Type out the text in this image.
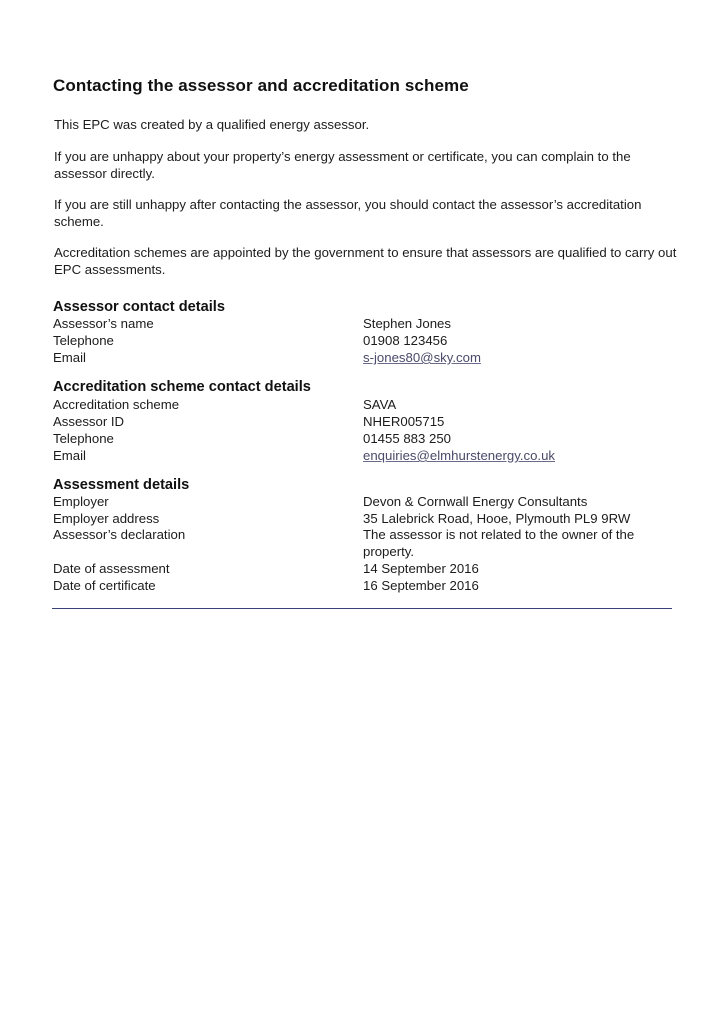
Contacting the assessor and accreditation scheme

This EPC was created by a qualified energy assessor.

If you are unhappy about your property’s energy assessment or certificate, you can complain to the assessor directly.

If you are still unhappy after contacting the assessor, you should contact the assessor’s accreditation scheme.

Accreditation schemes are appointed by the government to ensure that assessors are qualified to carry out EPC assessments.

Assessor contact details
Assessor’s name	Stephen Jones
Telephone	01908 123456
Email	s-jones80@sky.com
Accreditation scheme contact details
Accreditation scheme	SAVA
Assessor ID	NHER005715
Telephone	01455 883 250
Email	enquiries@elmhurstenergy.co.uk
Assessment details
Employer	Devon & Cornwall Energy Consultants
Employer address	35 Lalebrick Road, Hooe, Plymouth PL9 9RW
Assessor’s declaration	The assessor is not related to the owner of the property.
Date of assessment	14 September 2016
Date of certificate	16 September 2016
